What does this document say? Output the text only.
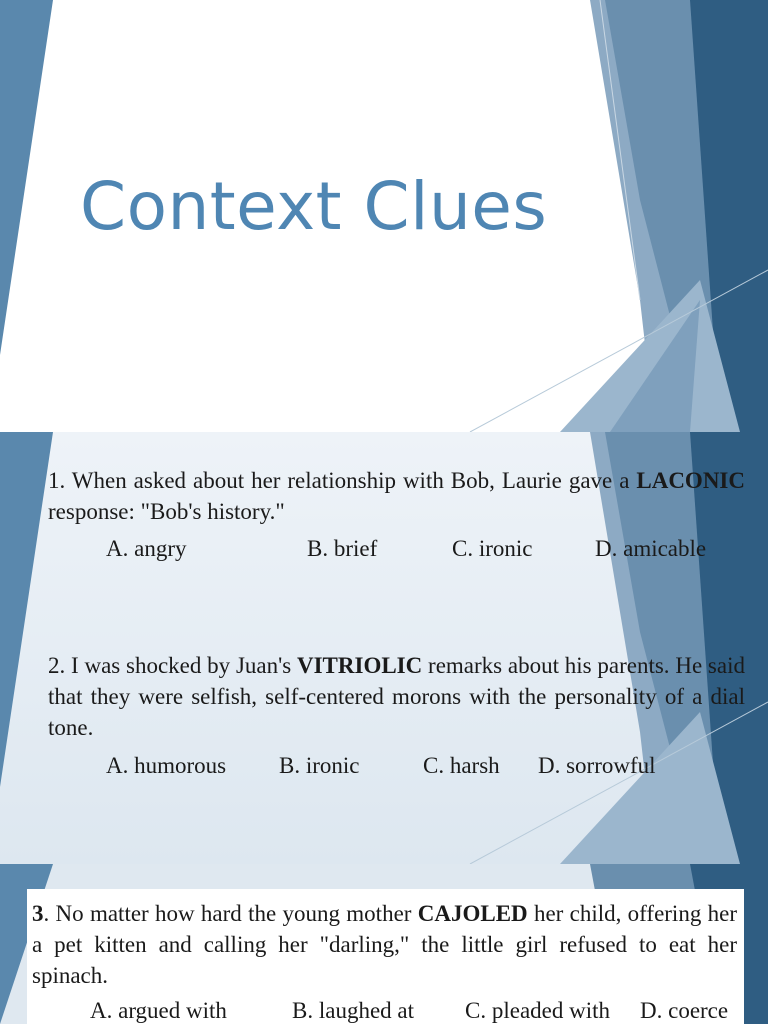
Context Clues
1. When asked about her relationship with Bob, Laurie gave a LACONIC response: "Bob's history."
A. angry	B. brief	C. ironic	D. amicable
2. I was shocked by Juan's VITRIOLIC remarks about his parents. He said that they were selfish, self-centered morons with the personality of a dial tone.
A. humorous B. ironic	C. harsh D. sorrowful
3. No matter how hard the young mother CAJOLED her child, offering her a pet kitten and calling her "darling," the little girl refused to eat her spinach.
A. argued with	B. laughed at C. pleaded with D. coerce
